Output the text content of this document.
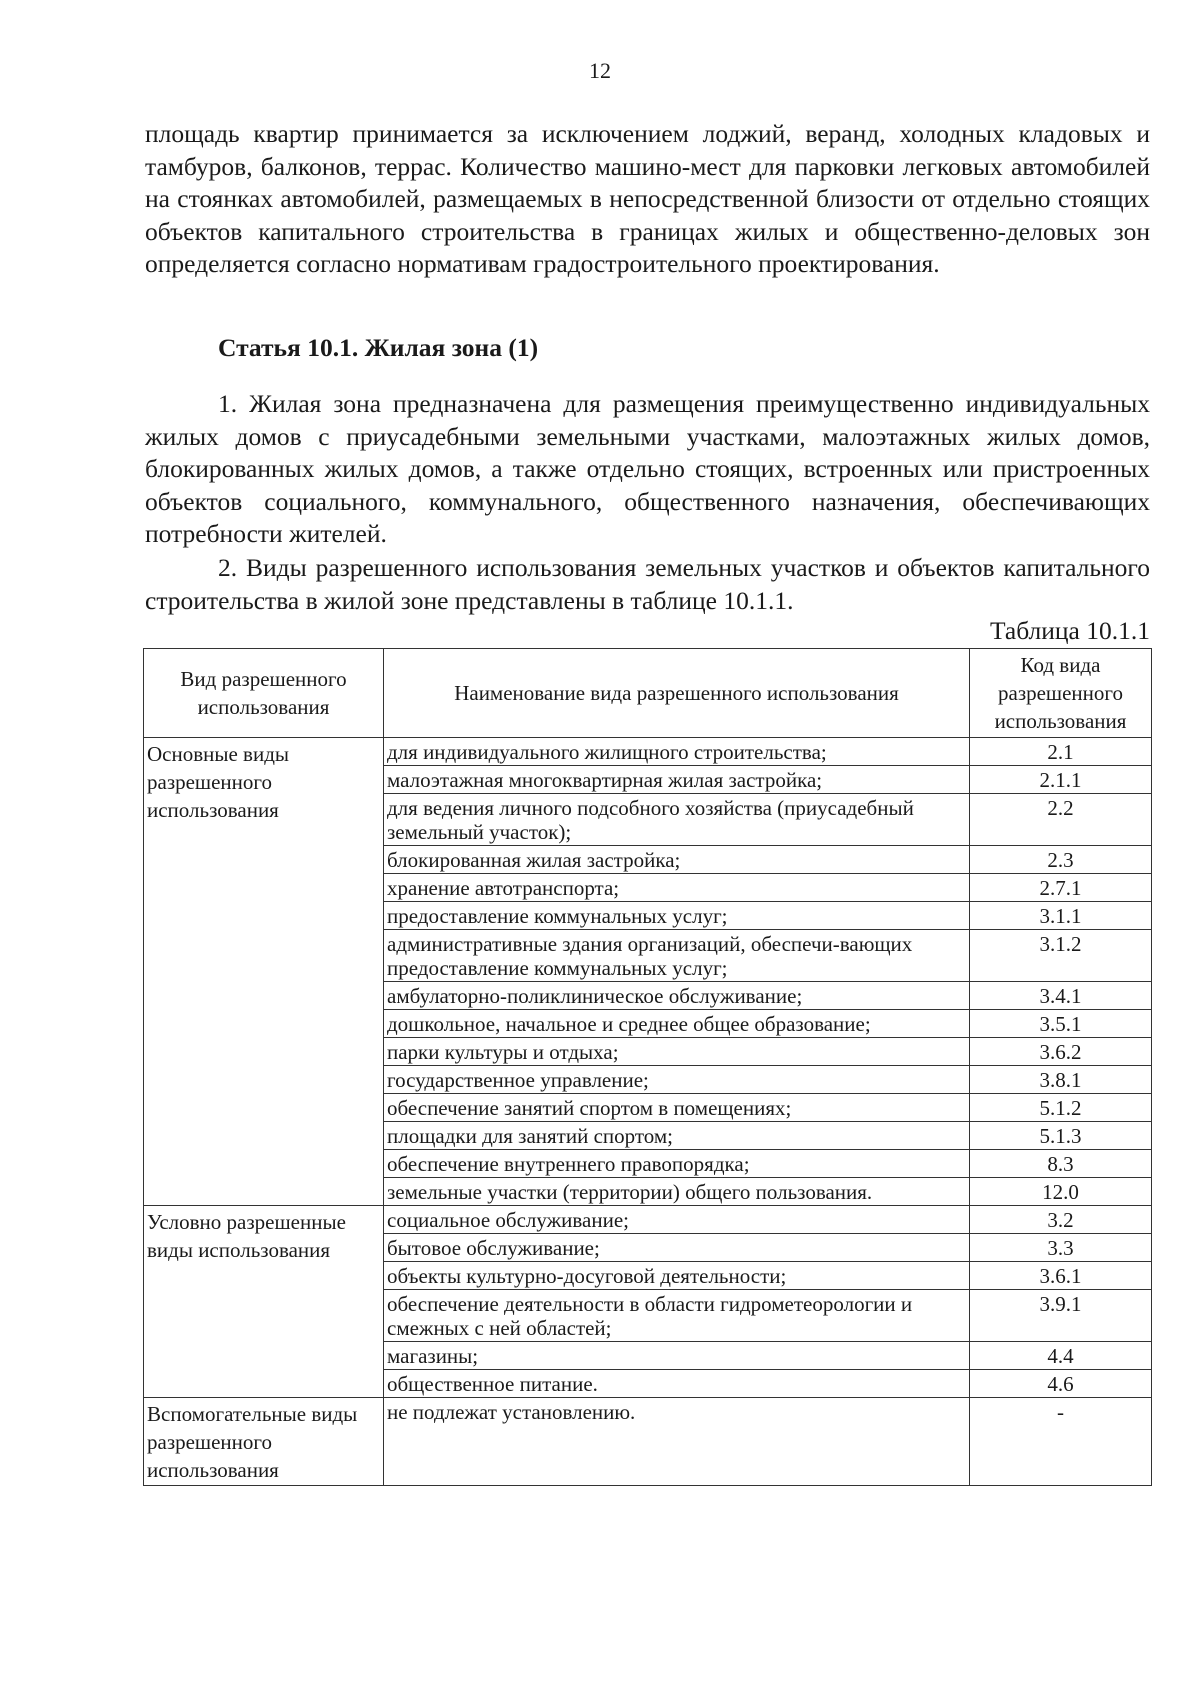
12

площадь квартир принимается за исключением лоджий, веранд, холодных кладовых и тамбуров, балконов, террас. Количество машино-мест для парковки легковых автомобилей на стоянках автомобилей, размещаемых в непосредственной близости от отдельно стоящих объектов капитального строительства в границах жилых и общественно-деловых зон определяется согласно нормативам градостроительного проектирования.

Статья 10.1. Жилая зона (1)

1. Жилая зона предназначена для размещения преимущественно индивидуальных жилых домов с приусадебными земельными участками, малоэтажных жилых домов, блокированных жилых домов, а также отдельно стоящих, встроенных или пристроенных объектов социального, коммунального, общественного назначения, обеспечивающих потребности жителей.

2. Виды разрешенного использования земельных участков и объектов капитального строительства в жилой зоне представлены в таблице 10.1.1.

Таблица 10.1.1
Вид разрешенного использования	Наименование вида разрешенного использования	Код вида разрешенного использования
Основные виды разрешенного использования	для индивидуального жилищного строительства;	2.1
	малоэтажная многоквартирная жилая застройка;	2.1.1
	для ведения личного подсобного хозяйства (приусадебный земельный участок);	2.2
	блокированная жилая застройка;	2.3
	хранение автотранспорта;	2.7.1
	предоставление коммунальных услуг;	3.1.1
	административные здания организаций, обеспечи-вающих предоставление коммунальных услуг;	3.1.2
	амбулаторно-поликлиническое обслуживание;	3.4.1
	дошкольное, начальное и среднее общее образование;	3.5.1
	парки культуры и отдыха;	3.6.2
	государственное управление;	3.8.1
	обеспечение занятий спортом в помещениях;	5.1.2
	площадки для занятий спортом;	5.1.3
	обеспечение внутреннего правопорядка;	8.3
	земельные участки (территории) общего пользования.	12.0
Условно разрешенные виды использования	социальное обслуживание;	3.2
	бытовое обслуживание;	3.3
	объекты культурно-досуговой деятельности;	3.6.1
	обеспечение деятельности в области гидрометеорологии и смежных с ней областей;	3.9.1
	магазины;	4.4
	общественное питание.	4.6
Вспомогательные виды разрешенного использования	не подлежат установлению.	-
